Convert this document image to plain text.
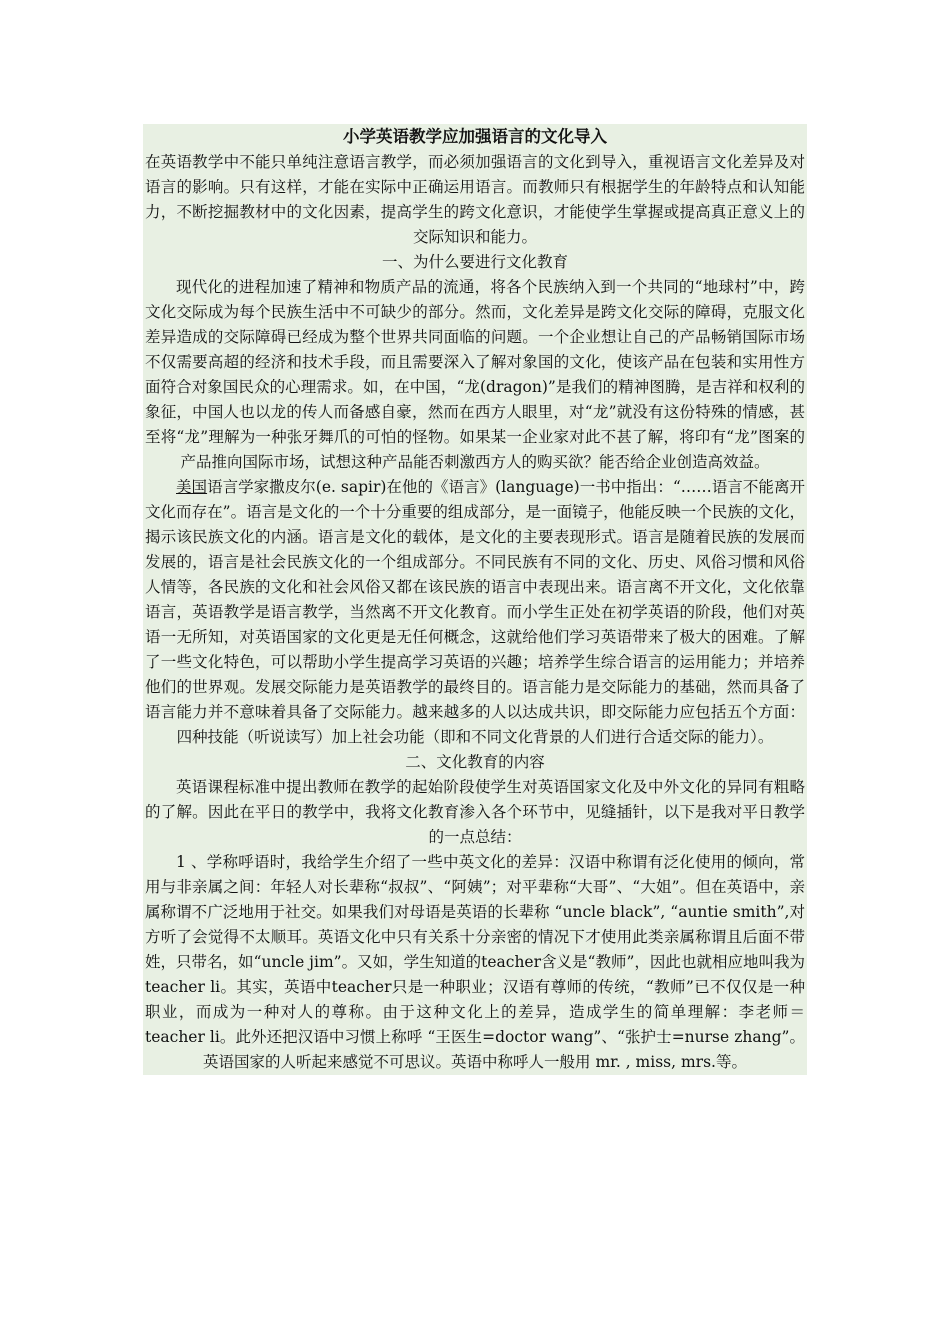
小学英语教学应加强语言的文化导入

在英语教学中不能只单纯注意语言教学，而必须加强语言的文化到导入，重视语言文化差异及对语言的影响。只有这样，才能在实际中正确运用语言。而教师只有根据学生的年龄特点和认知能力，不断挖掘教材中的文化因素，提高学生的跨文化意识，才能使学生掌握或提高真正意义上的交际知识和能力。

一、为什么要进行文化教育

现代化的进程加速了精神和物质产品的流通，将各个民族纳入到一个共同的“地球村”中，跨文化交际成为每个民族生活中不可缺少的部分。然而，文化差异是跨文化交际的障碍，克服文化差异造成的交际障碍已经成为整个世界共同面临的问题。一个企业想让自己的产品畅销国际市场不仅需要高超的经济和技术手段，而且需要深入了解对象国的文化，使该产品在包装和实用性方面符合对象国民众的心理需求。如，在中国，“龙(dragon)”是我们的精神图腾，是吉祥和权利的象征，中国人也以龙的传人而备感自豪，然而在西方人眼里，对“龙”就没有这份特殊的情感，甚至将“龙”理解为一种张牙舞爪的可怕的怪物。如果某一企业家对此不甚了解，将印有“龙”图案的产品推向国际市场，试想这种产品能否刺激西方人的购买欲？能否给企业创造高效益。

美国语言学家撒皮尔(e. sapir)在他的《语言》(language)一书中指出：“……语言不能离开文化而存在”。语言是文化的一个十分重要的组成部分，是一面镜子，他能反映一个民族的文化，揭示该民族文化的内涵。语言是文化的载体，是文化的主要表现形式。语言是随着民族的发展而发展的，语言是社会民族文化的一个组成部分。不同民族有不同的文化、历史、风俗习惯和风俗人情等，各民族的文化和社会风俗又都在该民族的语言中表现出来。语言离不开文化，文化依靠语言，英语教学是语言教学，当然离不开文化教育。而小学生正处在初学英语的阶段，他们对英语一无所知，对英语国家的文化更是无任何概念，这就给他们学习英语带来了极大的困难。了解了一些文化特色，可以帮助小学生提高学习英语的兴趣；培养学生综合语言的运用能力；并培养他们的世界观。发展交际能力是英语教学的最终目的。语言能力是交际能力的基础，然而具备了语言能力并不意味着具备了交际能力。越来越多的人以达成共识，即交际能力应包括五个方面：四种技能（听说读写）加上社会功能（即和不同文化背景的人们进行合适交际的能力）。

二、文化教育的内容

英语课程标准中提出教师在教学的起始阶段使学生对英语国家文化及中外文化的异同有粗略的了解。因此在平日的教学中，我将文化教育渗入各个环节中，见缝插针，以下是我对平日教学的一点总结：

1 、学称呼语时，我给学生介绍了一些中英文化的差异：汉语中称谓有泛化使用的倾向，常用与非亲属之间：年轻人对长辈称“叔叔”、“阿姨”；对平辈称“大哥”、“大姐”。但在英语中，亲属称谓不广泛地用于社交。如果我们对母语是英语的长辈称 “uncle black”, “auntie smith”,对方听了会觉得不太顺耳。英语文化中只有关系十分亲密的情况下才使用此类亲属称谓且后面不带姓，只带名，如“uncle jim”。又如，学生知道的teacher含义是“教师”，因此也就相应地叫我为teacher li。其实，英语中teacher只是一种职业；汉语有尊师的传统，“教师”已不仅仅是一种职业，而成为一种对人的尊称。由于这种文化上的差异，造成学生的简单理解：李老师＝teacher li。此外还把汉语中习惯上称呼 “王医生=doctor wang”、“张护士=nurse zhang”。英语国家的人听起来感觉不可思议。英语中称呼人一般用 mr. , miss, mrs.等。
